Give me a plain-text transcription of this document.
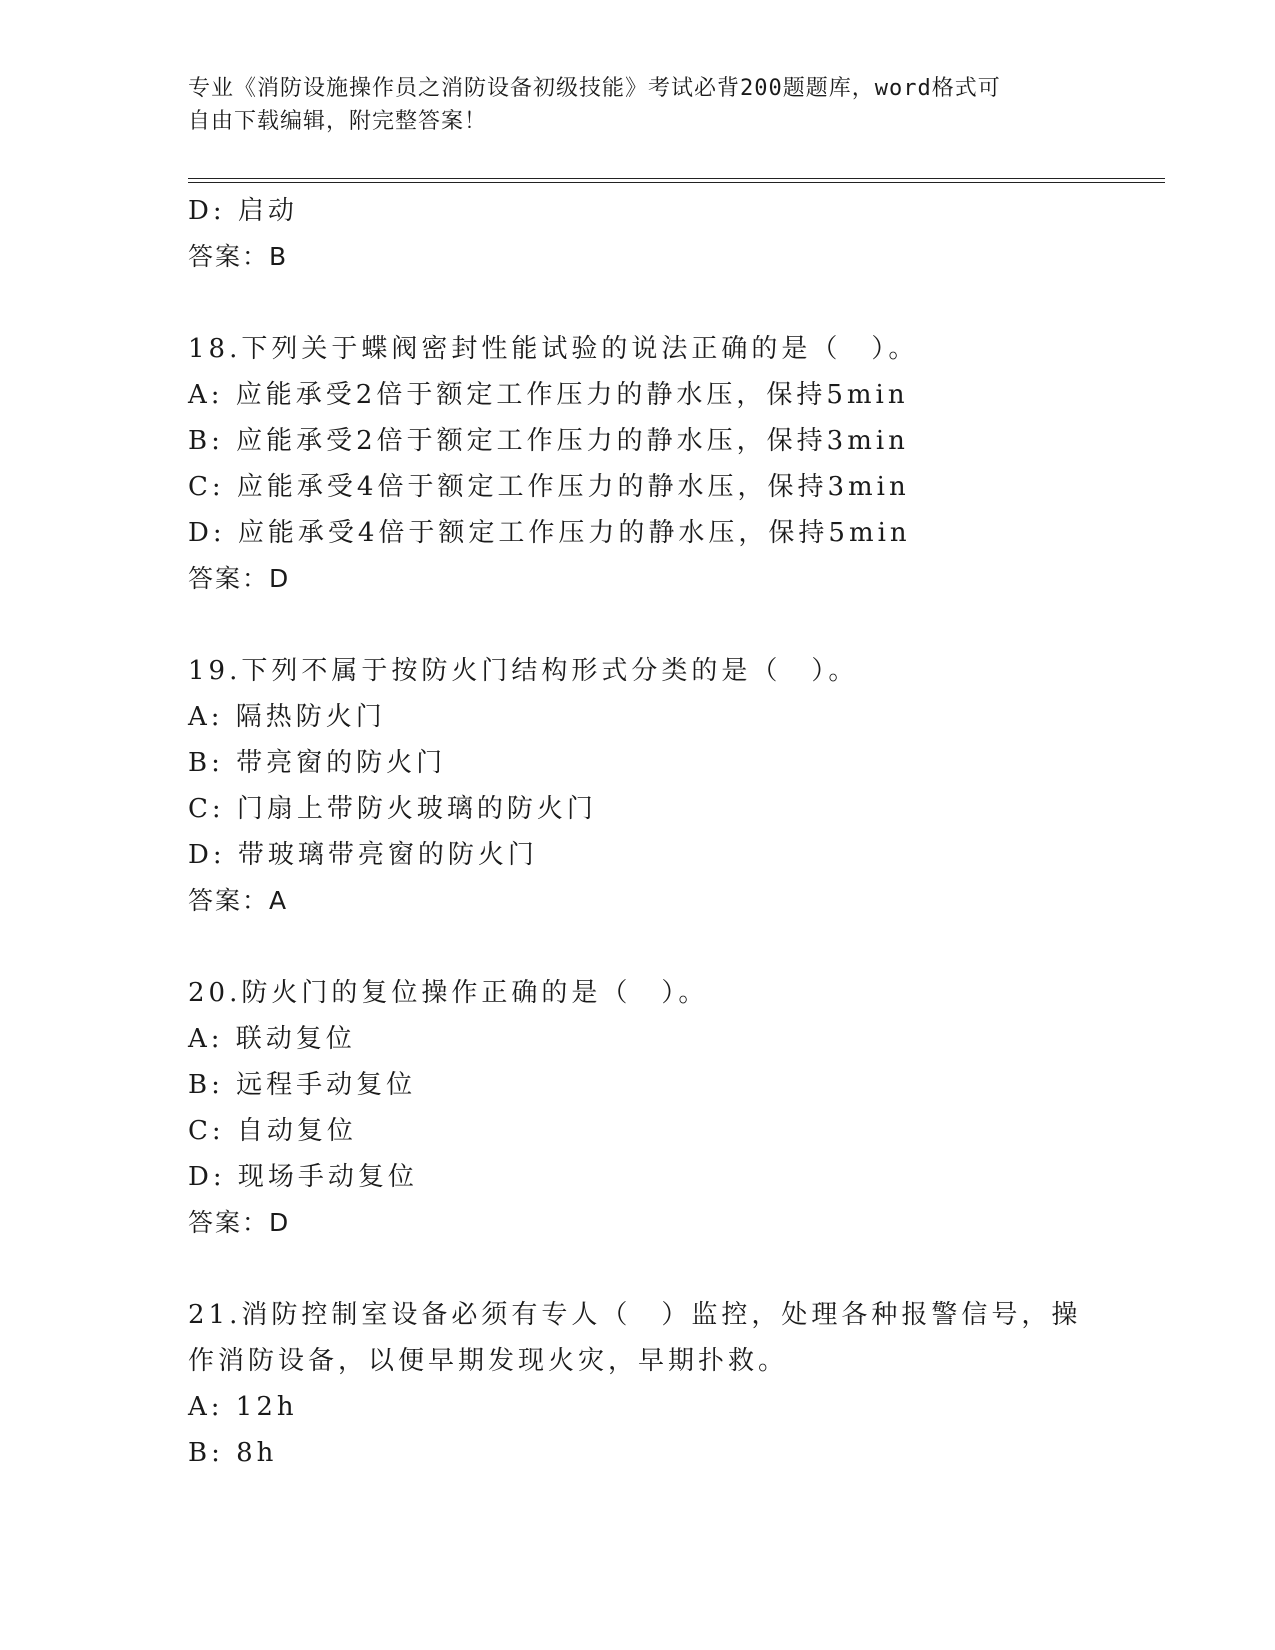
专业《消防设施操作员之消防设备初级技能》考试必背200题题库，word格式可
自由下载编辑，附完整答案！
D: 启动
答案：B
18.下列关于蝶阀密封性能试验的说法正确的是（　）。
A: 应能承受2倍于额定工作压力的静水压，保持5min
B: 应能承受2倍于额定工作压力的静水压，保持3min
C: 应能承受4倍于额定工作压力的静水压，保持3min
D: 应能承受4倍于额定工作压力的静水压，保持5min
答案：D
19.下列不属于按防火门结构形式分类的是（　）。
A: 隔热防火门
B: 带亮窗的防火门
C: 门扇上带防火玻璃的防火门
D: 带玻璃带亮窗的防火门
答案：A
20.防火门的复位操作正确的是（　）。
A: 联动复位
B: 远程手动复位
C: 自动复位
D: 现场手动复位
答案：D
21.消防控制室设备必须有专人（　）监控，处理各种报警信号，操作消防设备，以便早期发现火灾，早期扑救。
A: 12h
B: 8h
